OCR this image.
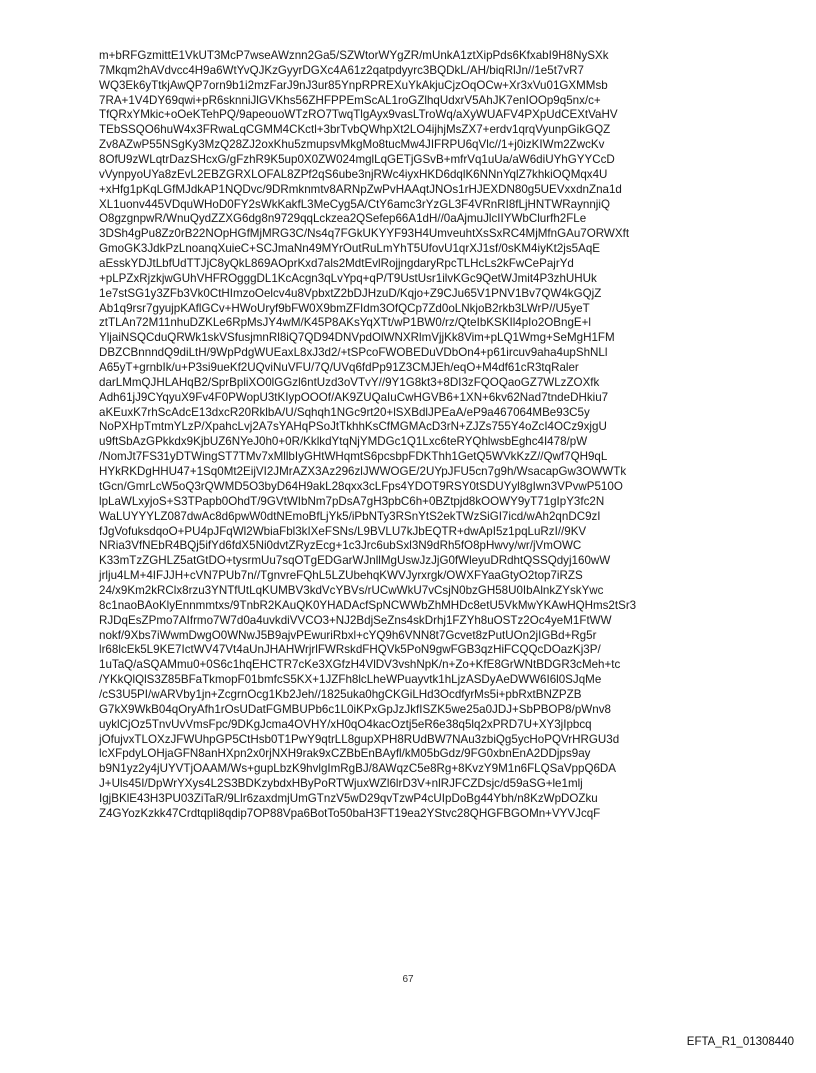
m+bRFGzmittE1VkUT3McP7wseAWznn2Ga5/SZWtorWYgZR/mUnkA1ztXipPds6KfxabI9H8NySXk
7Mkqm2hAVdvcc4H9a6WtYvQJKzGyyrDGXc4A61z2qatpdyyrc3BQDkL/AH/biqRlJn//1e5t7vR7
WQ3Ek6yTtkjAwQP7orn9b1i2mzFarJ9nJ3ur85YnpRPREXuYkAkjuCjzOqOCw+Xr3xVu01GXMMsb
7RA+1V4DY69qwi+pR6sknniJlGVKhs56ZHFPPEmScAL1roGZlhqUdxrV5AhJK7enIOOp9q5nx/c+
TfQRxYMkic+oOeKTehPQ/9apeouoWTzRO7TwqTlgAyx9vasLTroWq/aXyWUAFV4PXpUdCEXtVaHV
TEbSSQO6huW4x3FRwaLqCGMM4CKctl+3brTvbQWhpXt2LO4ijhjMsZX7+erdv1qrqVyunpGikGQZ
Zv8AZwP55NSgKy3MzQ28ZJ2oxKhu5zmupsvMkgMo8tucMw4JIFRPU6qVlc//1+j0izKIWm2ZwcKv
8OfU9zWLqtrDazSHcxG/gFzhR9K5up0X0ZW024mglLqGETjGSvB+mfrVq1uUa/aW6diUYhGYYCcD
vVynpyoUYa8zEvL2EBZGRXLOFAL8ZPf2qS6ube3njRWc4iyxHKD6dqlK6NNnYqlZ7khkiOQMqx4U
+xHfg1pKqLGfMJdkAP1NQDvc/9DRmknmtv8ARNpZwPvHAAqtJNOs1rHJEXDN80g5UEVxxdnZna1d
XL1uonv445VDquWHoD0FY2sWkKakfL3MeCyg5A/CtY6amc3rYzGL3F4VRnRI8fLjHNTWRaynnjiQ
O8gzgnpwR/WnuQydZZXG6dg8n9729qqLckzea2QSefep66A1dH//0aAjmuJlcIIYWbClurfh2FLe
3DSh4gPu8Zz0rB22NOpHGfMjMRG3C/Ns4q7FGkUKYYF93H4UmveuhtXsSxRC4MjMfnGAu7ORWXft
GmoGK3JdkPzLnoanqXuieC+SCJmaNn49MYrOutRuLmYhT5UfovU1qrXJ1sf/0sKM4iyKt2js5AqE
aEsskYDJtLbfUdTTJjC8yQkL869AOprKxd7als2MdtEvlRojjngdaryRpcTLHcLs2kFwCePajrYd
+pLPZxRjzkjwGUhVHFROgggDL1KcAcgn3qLvYpq+qP/T9UstUsr1ilvKGc9QetWJmit4P3zhUHUk
1e7stSG1y3ZFb3Vk0CtHImzoOelcv4u8VpbxtZ2bDJHzuD/Kqjo+Z9CJu65V1PNV1Bv7QW4kGQjZ
Ab1q9rsr7gyujpKAflGCv+HWoUryf9bFW0X9bmZFIdm3OfQCp7Zd0oLNkjoB2rkb3LWrP//U5yeT
ztTLAn72M11nhuDZKLe6RpMsJY4wM/K45P8AKsYqXTt/wP1BW0/rz/QteIbKSKIl4pIo2OBngE+l
YljaiNSQCduQRWk1skVSfusjmnRl8iQ7QD94DNVpdOlWNXRlmVjjKk8Vim+pLQ1Wmg+SeMgH1FM
DBZCBnnndQ9diLtH/9WpPdgWUEaxL8xJ3d2/+tSPcoFWOBEDuVDbOn4+p61ircuv9aha4upShNLl
A65yT+grnbIk/u+P3si9ueKf2UQviNuVFU/7Q/UVq6fdPp91Z3CMJEh/eqO+M4df61cR3tqRaler
darLMmQJHLAHqB2/SprBpliXO0lGGzl6ntUzd3oVTvY//9Y1G8kt3+8DI3zFQOQaoGZ7WLzZOXfk
Adh61jJ9CYqyuX9Fv4F0PWopU3tKIypOOOf/AK9ZUQaIuCwHGVB6+1XN+6kv62Nad7tndeDHkiu7
aKEuxK7rhScAdcE13dxcR20RklbA/U/Sqhqh1NGc9rt20+lSXBdlJPEaA/eP9a467064MBe93C5y
NoPXHpTmtmYLzP/XpahcLvj2A7sYAHqPSoJtTkhhKsCfMGMAcD3rN+ZJZs755Y4oZcI4OCz9xjgU
u9ftSbAzGPkkdx9KjbUZ6NYeJ0h0+0R/KklkdYtqNjYMDGc1Q1Lxc6teRYQhlwsbEghc4I478/pW
/NomJt7FS31yDTWingST7TMv7xMllbIyGHtWHqmtS6pcsbpFDKThh1GetQ5WVkKzZ//Qwf7QH9qL
HYkRKDgHHU47+1Sq0Mt2EijVI2JMrAZX3Az296zlJWWOGE/2UYpJFU5cn7g9h/WsacapGw3OWWTk
tGcn/GmrLcW5oQ3rQWMD5O3byD64H9akL28qxx3cLFps4YDOT9RSY0tSDUYyl8gIwn3VPvwP510O
lpLaWLxyjoS+S3TPapb0OhdT/9GVtWIbNm7pDsA7gH3pbC6h+0BZtpjd8kOOWY9yT71gIpY3fc2N
WaLUYYYLZ087dwAc8d6pwW0dtNEmoBfLjYk5/iPbNTy3RSnYtS2ekTWzSiGI7icd/wAh2qnDC9zI
fJgVofuksdqoO+PU4pJFqWl2WbiaFbl3kIXeFSNs/L9BVLU7kJbEQTR+dwApI5z1pqLuRzI//9KV
NRia3VfNEbR4BQj5ifYd6fdX5Ni0dvtZRyzEcg+1c3Jrc6ubSxl3N9dRh5fO8pHwvy/wr/jVmOWC
K33mTzZGHLZ5atGtDO+tysrmUu7sqOTgEDGarWJnllMgUswJzJjG0fWleyuDRdhtQSSQdyj160wW
jrlju4LM+4IFJJH+cVN7PUb7n//TgnvreFQhL5LZUbehqKWVJyrxrgk/OWXFYaaGtyO2top7iRZS
24/x9Km2kRClx8rzu3YNTfUtLqKUMBV3kdVcYBVs/rUCwWkU7vCsjN0bzGH58U0IbAlnkZYskYwc
8c1naoBAoKlyEnnmmtxs/9TnbR2KAuQK0YHADAcfSpNCWWbZhMHDc8etU5VkMwYKAwHQHms2tSr3
RJDqEsZPmo7AIfrmo7W7d0a4uvkdiVVCO3+NJ2BdjSeZns4skDrhj1FZYh8uOSTz2Oc4yeM1FtWW
nokf/9Xbs7iWwmDwgO0WNwJ5B9ajvPEwuriRbxl+cYQ9h6VNN8t7Gcvet8zPutUOn2jIGBd+Rg5r
lr68lcEk5L9KE7IctWV47Vt4aUnJHAHWrjrlFWRskdFHQVk5PoN9gwFGB3qzHiFCQQcDOazKj3P/
1uTaQ/aSQAMmu0+0S6c1hqEHCTR7cKe3XGfzH4VlDV3vshNpK/n+Zo+KfE8GrWNtBDGR3cMeh+tc
/YKkQlQlS3Z85BFaTkmopF01bmfcS5KX+1JZFh8lcLheWPuayvtk1hLjzASDyAeDWW6I6l0SJqMe
/cS3U5PI/wARVby1jn+ZcgrnOcg1Kb2Jeh//1825uka0hgCKGiLHd3OcdfyrMs5i+pbRxtBNZPZB
G7kX9WkB04qOryAfh1rOsUDatFGMBUPb6c1L0iKPxGpJzJkfISZK5we25a0JDJ+SbPBOP8/pWnv8
uyklCjOz5TnvUvVmsFpc/9DKgJcma4OVHY/xH0qO4kacOztj5eR6e38q5lq2xPRD7U+XY3jIpbcq
jOfujvxTLOXzJFWUhpGP5CtHsb0T1PwY9qtrLL8gupXPH8RUdBW7NAu3zbiQg5ycHoPQVrHRGU3d
lcXFpdyLOHjaGFN8anHXpn2x0rjNXH9rak9xCZBbEnBAyfl/kM05bGdz/9FG0xbnEnA2DDjps9ay
b9N1yz2y4jUYVTjOAAM/Ws+gupLbzK9hvlgImRgBJ/8AWqzC5e8Rg+8KvzY9M1n6FLQSaVppQ6DA
J+Uls45I/DpWrYXys4L2S3BDKzybdxHByPoRTWjuxWZl6lrD3V+nlRJFCZDsjc/d59aSG+le1mlj
IgjBKlE43H3PU03ZiTaR/9Llr6zaxdmjUmGTnzV5wD29qvTzwP4cUIpDoBg44Ybh/n8KzWpDOZku
Z4GYozKzkk47Crdtqpli8qdip7OP88Vpa6BotTo50baH3FT19ea2YStvc28QHGFBGOMn+VYVJcqF
67
EFTA_R1_01308440
